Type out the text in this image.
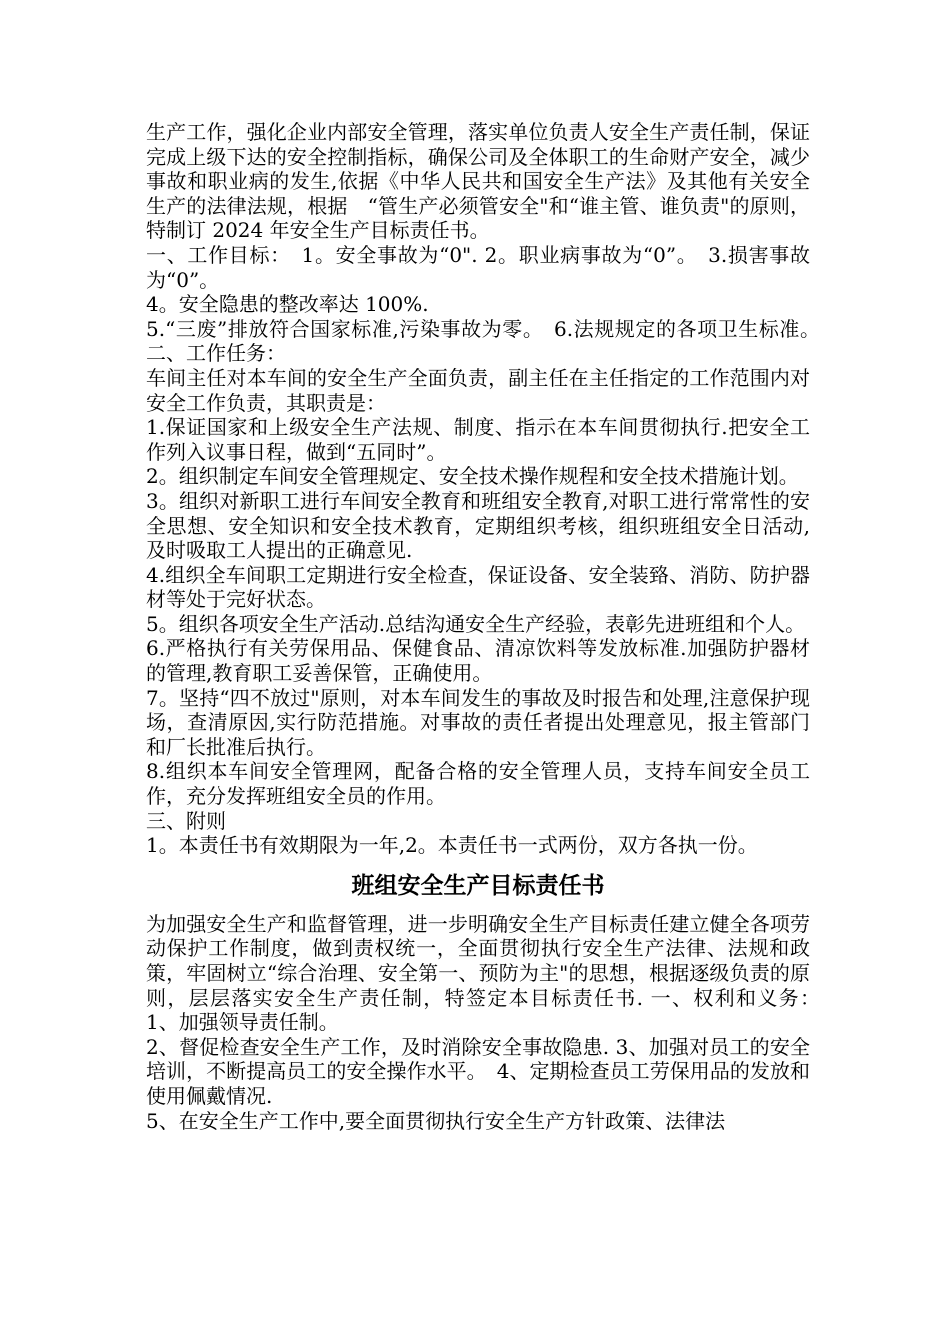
生产工作，强化企业内部安全管理，落实单位负责人安全生产责任制，保证完成上级下达的安全控制指标，确保公司及全体职工的生命财产安全，减少事故和职业病的发生,依据《中华人民共和国安全生产法》及其他有关安全生产的法律法规，根据　“管生产必须管安全"和“谁主管、谁负责"的原则，特制订 2024 年安全生产目标责任书。

一、工作目标：　1。安全事故为“0". 2。职业病事故为“0”。　3.损害事故为“0”。

4。安全隐患的整改率达 100%.

5.“三废”排放符合国家标准,污染事故为零。　6.法规规定的各项卫生标准。　　　　二、工作任务：

车间主任对本车间的安全生产全面负责，副主任在主任指定的工作范围内对安全工作负责，其职责是：

1.保证国家和上级安全生产法规、制度、指示在本车间贯彻执行.把安全工作列入议事日程，做到“五同时”。

2。组织制定车间安全管理规定、安全技术操作规程和安全技术措施计划。

3。组织对新职工进行车间安全教育和班组安全教育,对职工进行常常性的安全思想、安全知识和安全技术教育，定期组织考核，组织班组安全日活动,及时吸取工人提出的正确意见.

4.组织全车间职工定期进行安全检查，保证设备、安全装臵、消防、防护器材等处于完好状态。

5。组织各项安全生产活动.总结沟通安全生产经验，表彰先进班组和个人。

6.严格执行有关劳保用品、保健食品、清凉饮料等发放标准.加强防护器材的管理,教育职工妥善保管，正确使用。

7。坚持“四不放过"原则，对本车间发生的事故及时报告和处理,注意保护现场，查清原因,实行防范措施。对事故的责任者提出处理意见，报主管部门和厂长批准后执行。

8.组织本车间安全管理网，配备合格的安全管理人员，支持车间安全员工作，充分发挥班组安全员的作用。

三、附则

1。本责任书有效期限为一年,2。本责任书一式两份，双方各执一份。

班组安全生产目标责任书

为加强安全生产和监督管理，进一步明确安全生产目标责任建立健全各项劳动保护工作制度，做到责权统一，全面贯彻执行安全生产法律、法规和政策，牢固树立“综合治理、安全第一、预防为主"的思想，根据逐级负责的原则，层层落实安全生产责任制，特签定本目标责任书. 一、权利和义务：　1、加强领导责任制。

2、督促检查安全生产工作，及时消除安全事故隐患. 3、加强对员工的安全培训，不断提高员工的安全操作水平。　4、定期检查员工劳保用品的发放和使用佩戴情况.

5、在安全生产工作中,要全面贯彻执行安全生产方针政策、法律法
